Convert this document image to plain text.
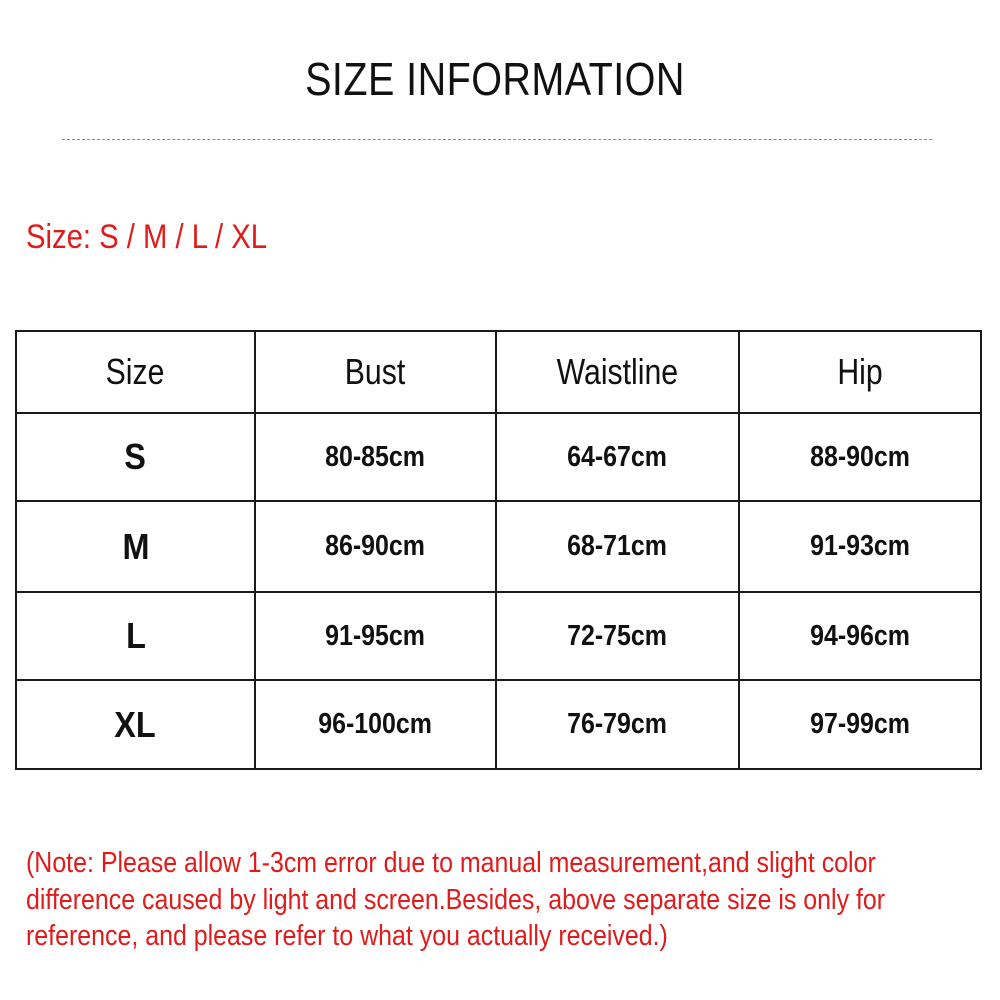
SIZE INFORMATION
Size: S / M / L / XL
Size	Bust	Waistline	Hip
S	80-85cm	64-67cm	88-90cm
M	86-90cm	68-71cm	91-93cm
L	91-95cm	72-75cm	94-96cm
XL	96-100cm	76-79cm	97-99cm
(Note: Please allow 1-3cm error due to manual measurement,and slight color
difference caused by light and screen.Besides, above separate size is only for
reference, and please refer to what you actually received.)
